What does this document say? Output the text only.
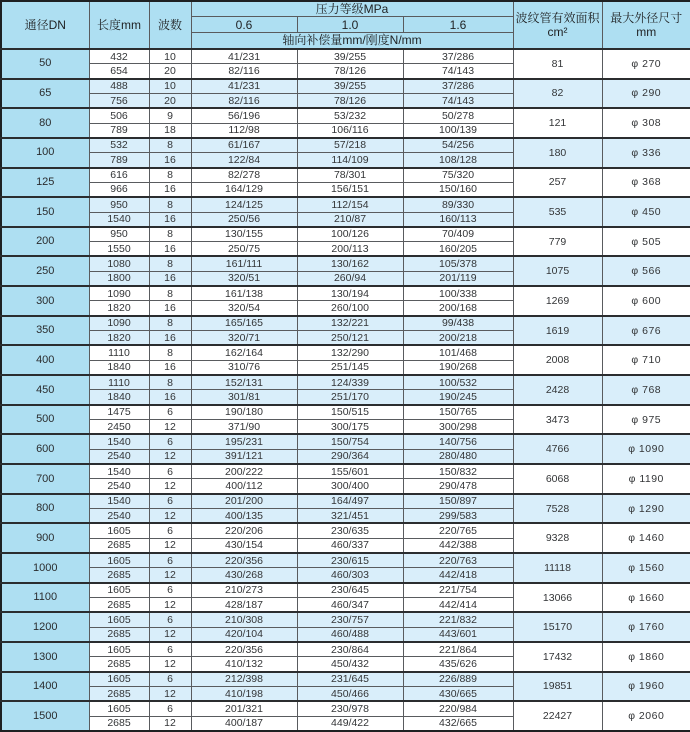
通径DN	长度mm	波数	压力等级MPa			波纹管有效面积cm²	最大外径尺寸mm
			0.6	1.0	1.6		
			轴向补偿量mm/刚度N/mm				
50	432	10	41/231	39/255	37/286	81	φ 270
	654	20	82/116	78/126	74/143		
65	488	10	41/231	39/255	37/286	82	φ 290
	756	20	82/116	78/126	74/143		
80	506	9	56/196	53/232	50/278	121	φ 308
	789	18	112/98	106/116	100/139		
100	532	8	61/167	57/218	54/256	180	φ 336
	789	16	122/84	114/109	108/128		
125	616	8	82/278	78/301	75/320	257	φ 368
	966	16	164/129	156/151	150/160		
150	950	8	124/125	112/154	89/330	535	φ 450
	1540	16	250/56	210/87	160/113		
200	950	8	130/155	100/126	70/409	779	φ 505
	1550	16	250/75	200/113	160/205		
250	1080	8	161/111	130/162	105/378	1075	φ 566
	1800	16	320/51	260/94	201/119		
300	1090	8	161/138	130/194	100/338	1269	φ 600
	1820	16	320/54	260/100	200/168		
350	1090	8	165/165	132/221	99/438	1619	φ 676
	1820	16	320/71	250/121	200/218		
400	1110	8	162/164	132/290	101/468	2008	φ 710
	1840	16	310/76	251/145	190/268		
450	1110	8	152/131	124/339	100/532	2428	φ 768
	1840	16	301/81	251/170	190/245		
500	1475	6	190/180	150/515	150/765	3473	φ 975
	2450	12	371/90	300/175	300/298		
600	1540	6	195/231	150/754	140/756	4766	φ 1090
	2540	12	391/121	290/364	280/480		
700	1540	6	200/222	155/601	150/832	6068	φ 1190
	2540	12	400/112	300/400	290/478		
800	1540	6	201/200	164/497	150/897	7528	φ 1290
	2540	12	400/135	321/451	299/583		
900	1605	6	220/206	230/635	220/765	9328	φ 1460
	2685	12	430/154	460/337	442/388		
1000	1605	6	220/356	230/615	220/763	11118	φ 1560
	2685	12	430/268	460/303	442/418		
1100	1605	6	210/273	230/645	221/754	13066	φ 1660
	2685	12	428/187	460/347	442/414		
1200	1605	6	210/308	230/757	221/832	15170	φ 1760
	2685	12	420/104	460/488	443/601		
1300	1605	6	220/356	230/864	221/864	17432	φ 1860
	2685	12	410/132	450/432	435/626		
1400	1605	6	212/398	231/645	226/889	19851	φ 1960
	2685	12	410/198	450/466	430/665		
1500	1605	6	201/321	230/978	220/984	22427	φ 2060
	2685	12	400/187	449/422	432/665		
